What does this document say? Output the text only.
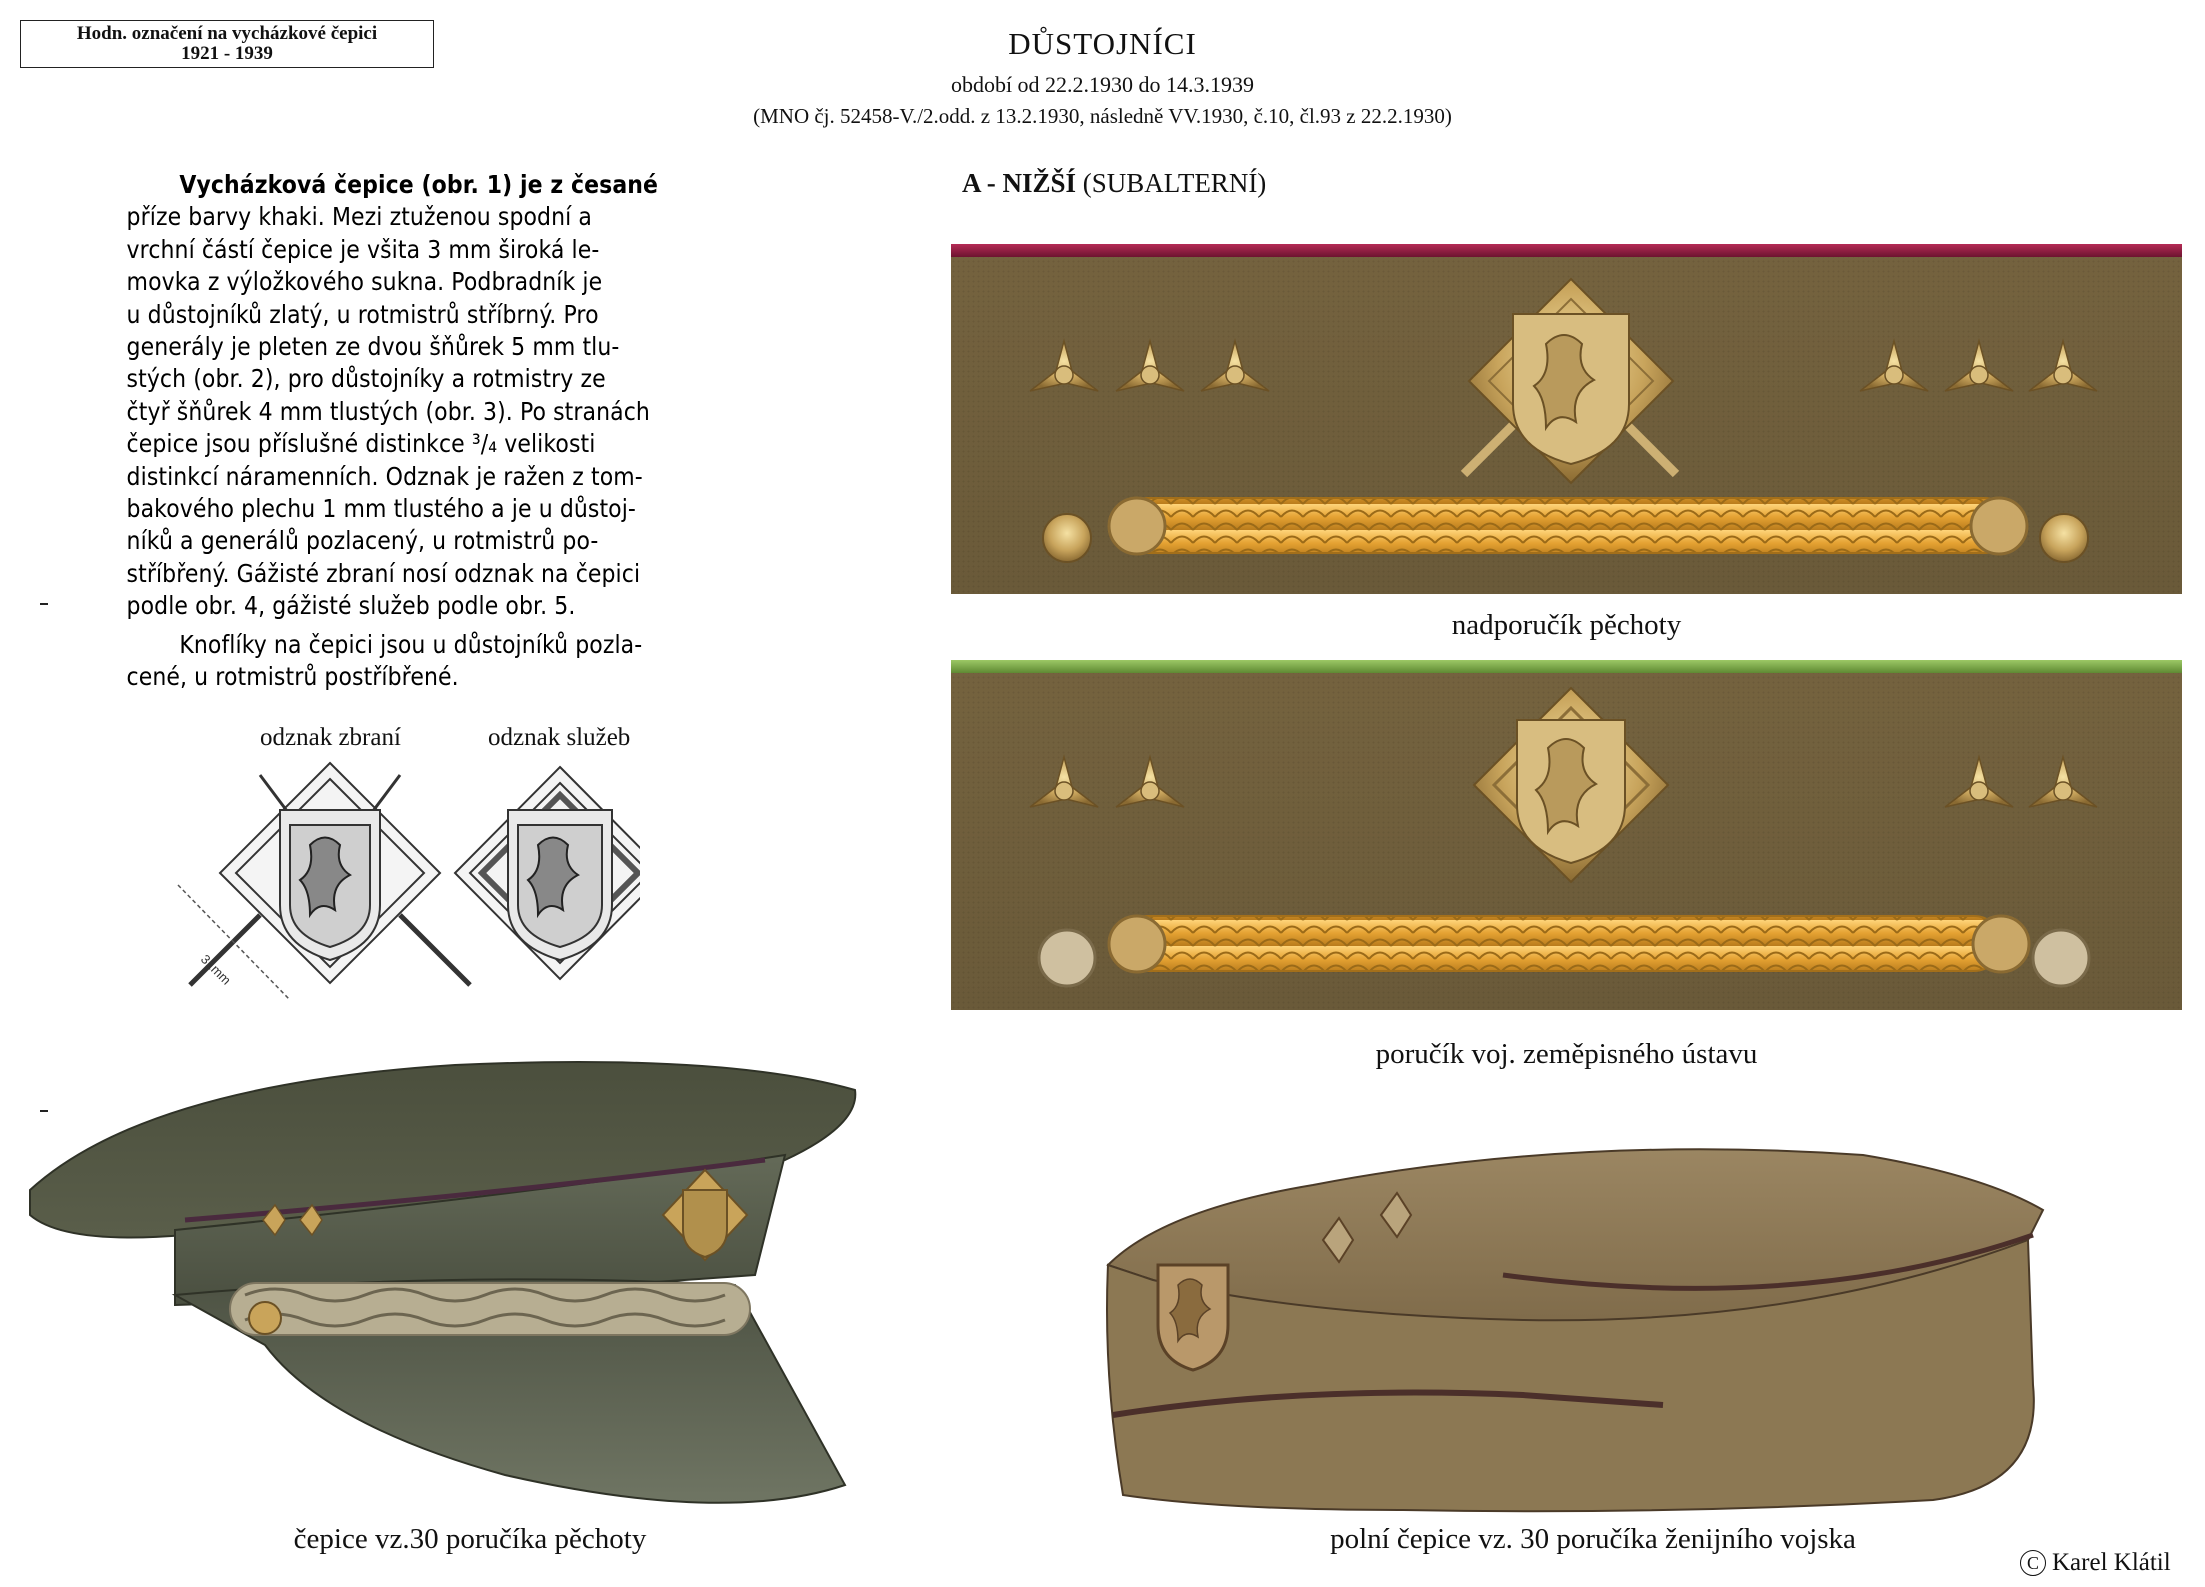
Hodn. označení na vycházkové čepici
1921 - 1939	DŮSTOJNÍCI
období od 22.2.1930 do 14.3.1939
(MNO čj. 52458-V./2.odd. z 13.2.1930, následně VV.1930, č.10, čl.93 z 22.2.1930)
A - NIŽŠÍ (SUBALTERNÍ)

Vycházková čepice (obr. 1) je z česané

příze barvy khaki. Mezi ztuženou spodní a

vrchní částí čepice je všita 3 mm široká le-

movka z výložkového sukna. Podbradník je

u důstojníků zlatý, u rotmistrů stříbrný. Pro

generály je pleten ze dvou šňůrek 5 mm tlu-

stých (obr. 2), pro důstojníky a rotmistry ze

čtyř šňůrek 4 mm tlustých (obr. 3). Po stranách

čepice jsou příslušné distinkce ³/₄ velikosti

distinkcí náramenních. Odznak je ražen z tom-

bakového plechu 1 mm tlustého a je u důstoj-

níků a generálů pozlacený, u rotmistrů po-

stříbřený. Gážisté zbraní nosí odznak na čepici

podle obr. 4, gážisté služeb podle obr. 5.

Knoflíky na čepici jsou u důstojníků pozla-

cené, u rotmistrů postříbřené.

odznak zbraní	odznak služeb
31mm
nadporučík pěchoty
poručík voj. zeměpisného ústavu
čepice vz.30 poručíka pěchoty	polní čepice vz. 30 poručíka ženijního vojska
C Karel Klátil
